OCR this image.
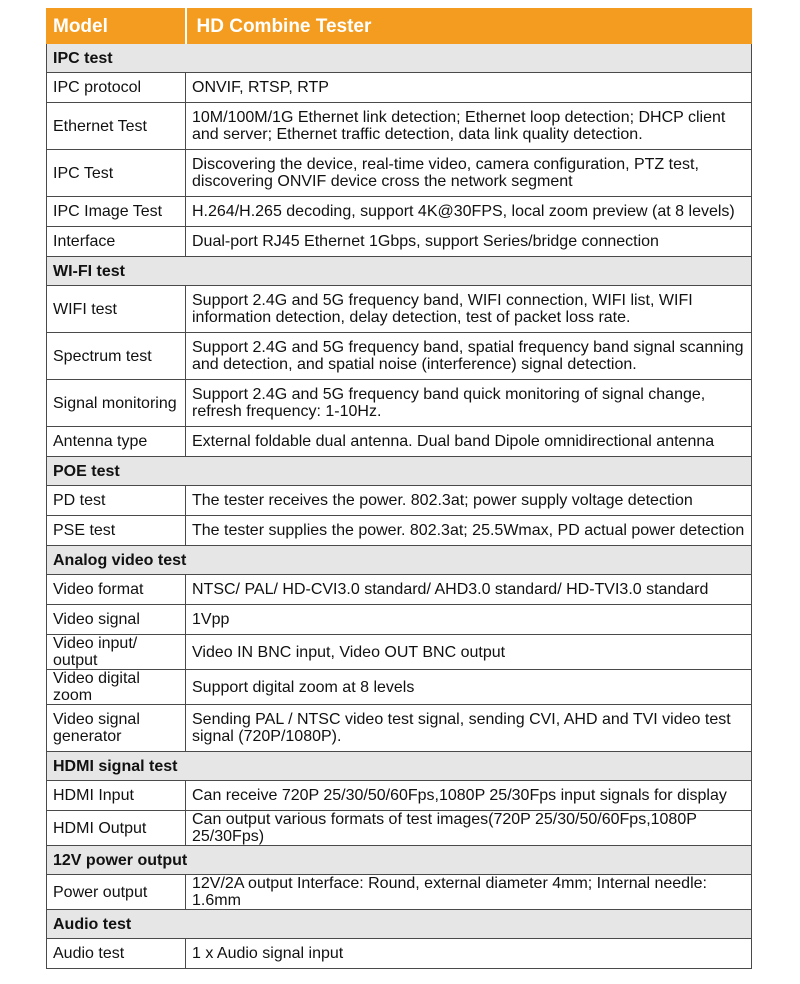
Model	HD Combine Tester
IPC test	
IPC protocol	ONVIF, RTSP, RTP
Ethernet Test	10M/100M/1G Ethernet link detection; Ethernet loop detection; DHCP client and server; Ethernet traffic detection, data link quality detection.
IPC Test	Discovering the device, real-time video, camera configuration, PTZ test, discovering ONVIF device cross the network segment
IPC Image Test	H.264/H.265 decoding, support 4K@30FPS, local zoom preview (at 8 levels)
Interface	Dual-port RJ45 Ethernet 1Gbps, support Series/bridge connection
WI-FI test	
WIFI test	Support 2.4G and 5G frequency band, WIFI connection, WIFI list, WIFI information detection, delay detection, test of packet loss rate.
Spectrum test	Support 2.4G and 5G frequency band, spatial frequency band signal scanning and detection, and spatial noise (interference) signal detection.
Signal monitoring	Support 2.4G and 5G frequency band quick monitoring of signal change, refresh frequency: 1-10Hz.
Antenna type	External foldable dual antenna. Dual band Dipole omnidirectional antenna
POE test	
PD test	The tester receives the power. 802.3at; power supply voltage detection
PSE test	The tester supplies the power. 802.3at; 25.5Wmax, PD actual power detection
Analog video test	
Video format	NTSC/ PAL/ HD-CVI3.0 standard/ AHD3.0 standard/ HD-TVI3.0 standard
Video signal	1Vpp
Video input/ output	Video IN BNC input, Video OUT BNC output
Video digital zoom	Support digital zoom at 8 levels
Video signal generator	Sending PAL / NTSC video test signal, sending CVI, AHD and TVI video test signal (720P/1080P).
HDMI signal test	
HDMI Input	Can receive 720P 25/30/50/60Fps,1080P 25/30Fps input signals for display
HDMI Output	Can output various formats of test images(720P 25/30/50/60Fps,1080P 25/30Fps)
12V power output	
Power output	12V/2A output Interface: Round, external diameter 4mm; Internal needle: 1.6mm
Audio test	
Audio test	1 x Audio signal input
